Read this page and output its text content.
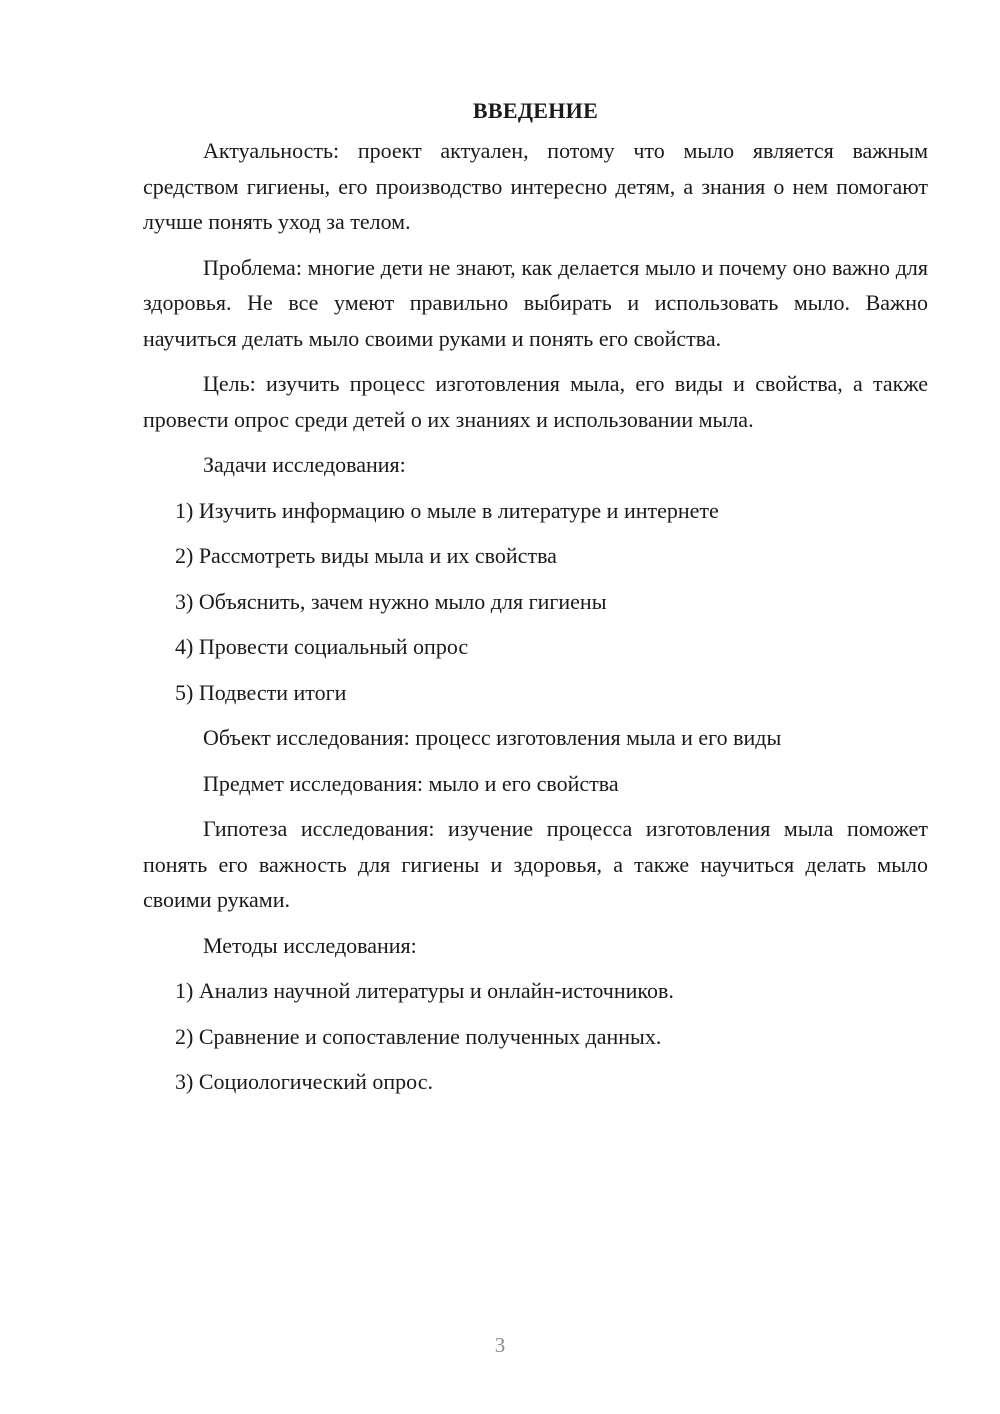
ВВЕДЕНИЕ

Актуальность: проект актуален, потому что мыло является важным средством гигиены, его производство интересно детям, а знания о нем помогают лучше понять уход за телом.

Проблема: многие дети не знают, как делается мыло и почему оно важно для здоровья. Не все умеют правильно выбирать и использовать мыло. Важно научиться делать мыло своими руками и понять его свойства.

Цель: изучить процесс изготовления мыла, его виды и свойства, а также провести опрос среди детей о их знаниях и использовании мыла.

Задачи исследования:
1) Изучить информацию о мыле в литературе и интернете
2) Рассмотреть виды мыла и их свойства
3) Объяснить, зачем нужно мыло для гигиены
4) Провести социальный опрос
5) Подвести итоги
Объект исследования: процесс изготовления мыла и его виды
Предмет исследования: мыло и его свойства

Гипотеза исследования: изучение процесса изготовления мыла поможет понять его важность для гигиены и здоровья, а также научиться делать мыло своими руками.

Методы исследования:
1) Анализ научной литературы и онлайн-источников.
2) Сравнение и сопоставление полученных данных.
3) Социологический опрос.
3
